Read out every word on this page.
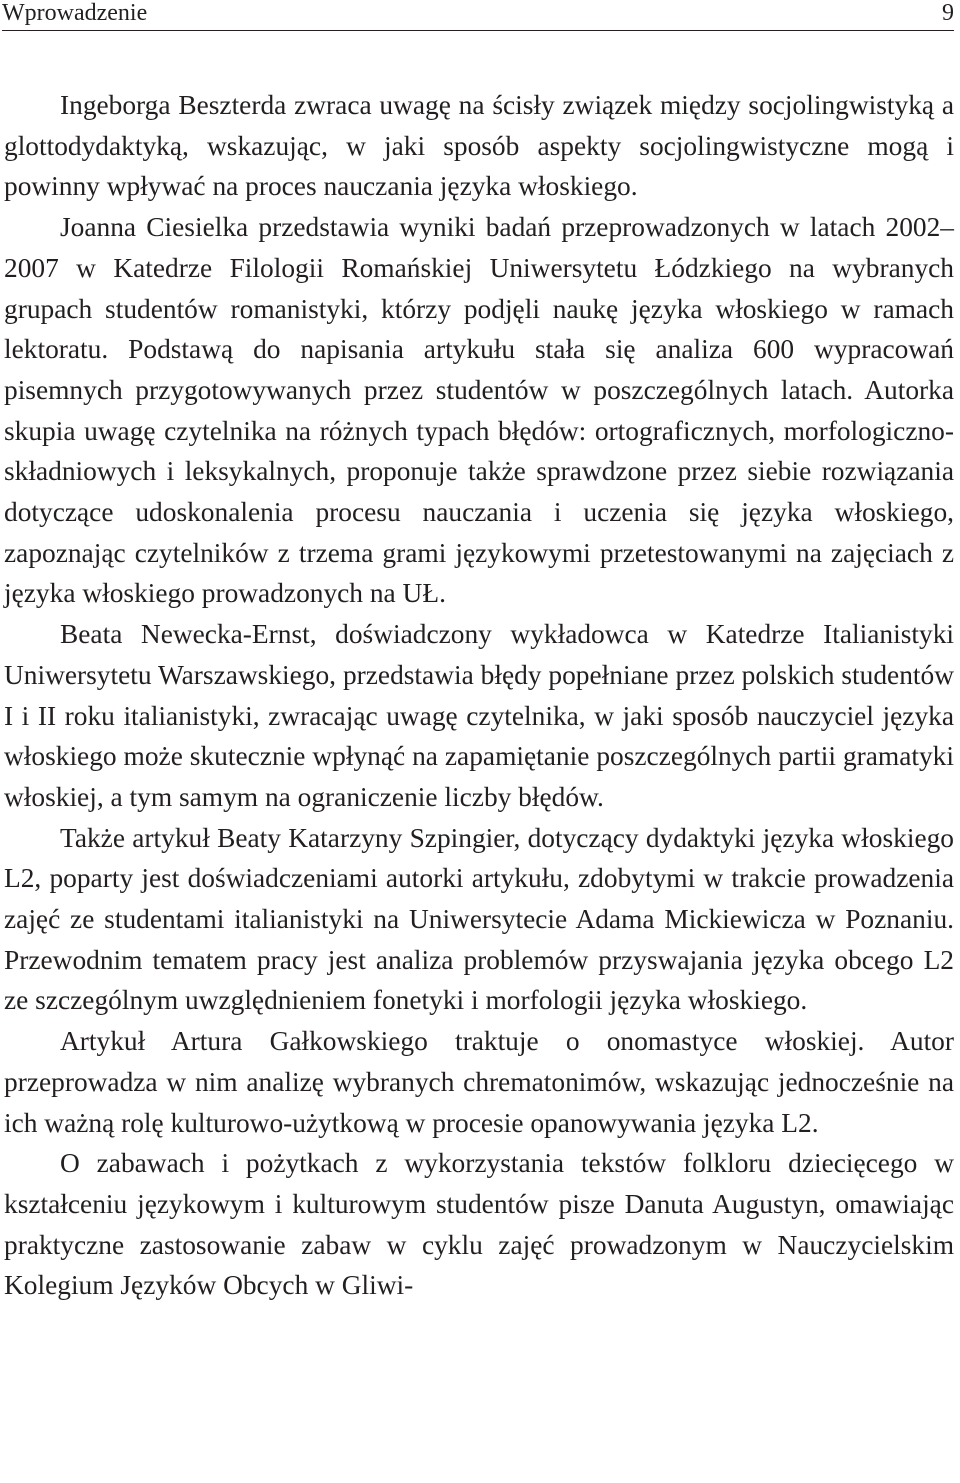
Wprowadzenie	9

Ingeborga Beszterda zwraca uwagę na ścisły związek między socjolingwistyką a glottodydaktyką, wskazując, w jaki sposób aspekty socjolingwistyczne mogą i powinny wpływać na proces nauczania języka włoskiego.

Joanna Ciesielka przedstawia wyniki badań przeprowadzonych w latach 2002–2007 w Katedrze Filologii Romańskiej Uniwersytetu Łódzkiego na wybranych grupach studentów romanistyki, którzy podjęli naukę języka włoskiego w ramach lektoratu. Podstawą do napisania artykułu stała się analiza 600 wypracowań pisemnych przygotowywanych przez studentów w poszczególnych latach. Autorka skupia uwagę czytelnika na różnych typach błędów: ortograficznych, morfologiczno-składniowych i leksykalnych, proponuje także sprawdzone przez siebie rozwiązania dotyczące udoskonalenia procesu nauczania i uczenia się języka włoskiego, zapoznając czytelników z trzema grami językowymi przetestowanymi na zajęciach z języka włoskiego prowadzonych na UŁ.

Beata Newecka-Ernst, doświadczony wykładowca w Katedrze Italianistyki Uniwersytetu Warszawskiego, przedstawia błędy popełniane przez polskich studentów I i II roku italianistyki, zwracając uwagę czytelnika, w jaki sposób nauczyciel języka włoskiego może skutecznie wpłynąć na zapamiętanie poszczególnych partii gramatyki włoskiej, a tym samym na ograniczenie liczby błędów.

Także artykuł Beaty Katarzyny Szpingier, dotyczący dydaktyki języka włoskiego L2, poparty jest doświadczeniami autorki artykułu, zdobytymi w trakcie prowadzenia zajęć ze studentami italianistyki na Uniwersytecie Adama Mickiewicza w Poznaniu. Przewodnim tematem pracy jest analiza problemów przyswajania języka obcego L2 ze szczególnym uwzględnieniem fonetyki i morfologii języka włoskiego.

Artykuł Artura Gałkowskiego traktuje o onomastyce włoskiej. Autor przeprowadza w nim analizę wybranych chrematonimów, wskazując jednocześnie na ich ważną rolę kulturowo-użytkową w procesie opanowywania języka L2.

O zabawach i pożytkach z wykorzystania tekstów folkloru dziecięcego w kształceniu językowym i kulturowym studentów pisze Danuta Augustyn, omawiając praktyczne zastosowanie zabaw w cyklu zajęć prowadzonym w Nauczycielskim Kolegium Języków Obcych w Gliwi-
